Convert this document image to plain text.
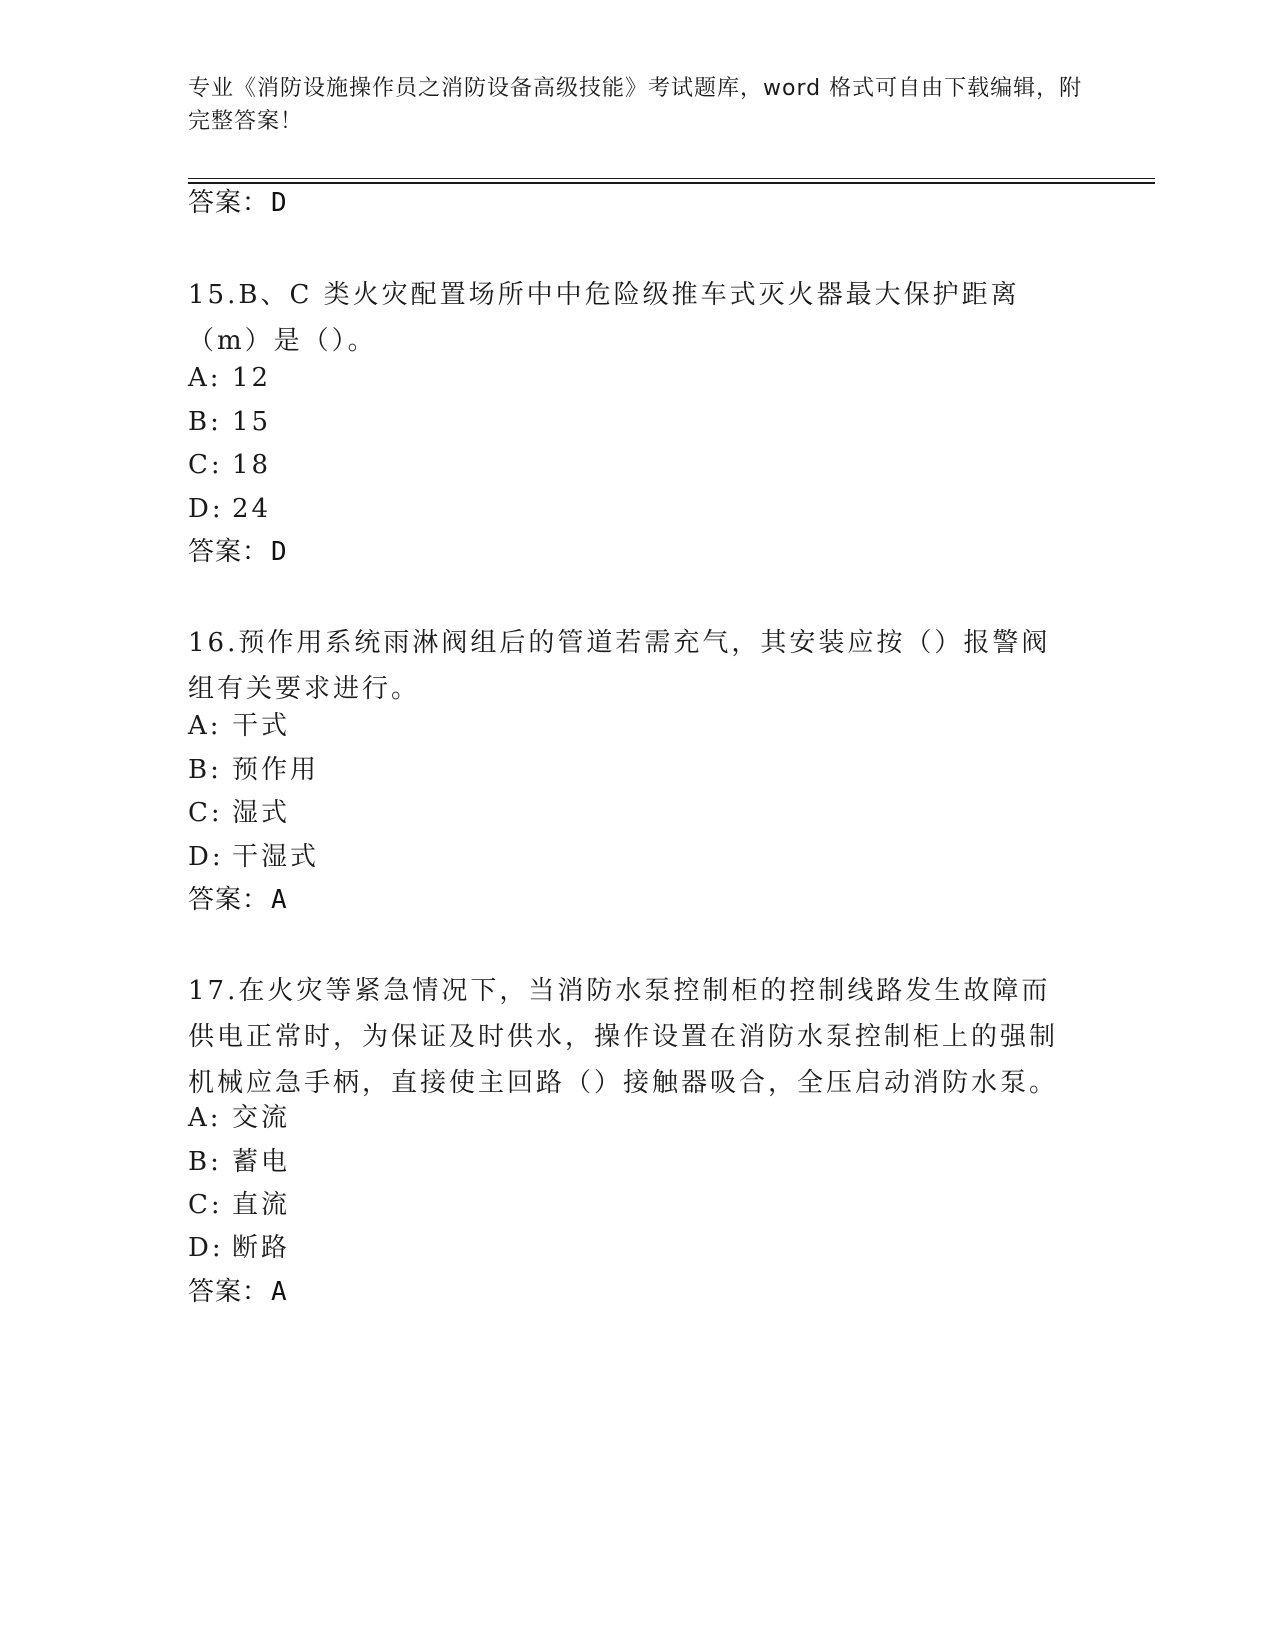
专业《消防设施操作员之消防设备高级技能》考试题库，word 格式可自由下载编辑，附完整答案！
答案：D
15.B、C 类火灾配置场所中中危险级推车式灭火器最大保护距离（m）是（）。
A: 12
B: 15
C: 18
D: 24
答案：D
16.预作用系统雨淋阀组后的管道若需充气，其安装应按（）报警阀组有关要求进行。
A: 干式
B: 预作用
C: 湿式
D: 干湿式
答案：A
17.在火灾等紧急情况下，当消防水泵控制柜的控制线路发生故障而供电正常时，为保证及时供水，操作设置在消防水泵控制柜上的强制机械应急手柄，直接使主回路（）接触器吸合，全压启动消防水泵。
A: 交流
B: 蓄电
C: 直流
D: 断路
答案：A
